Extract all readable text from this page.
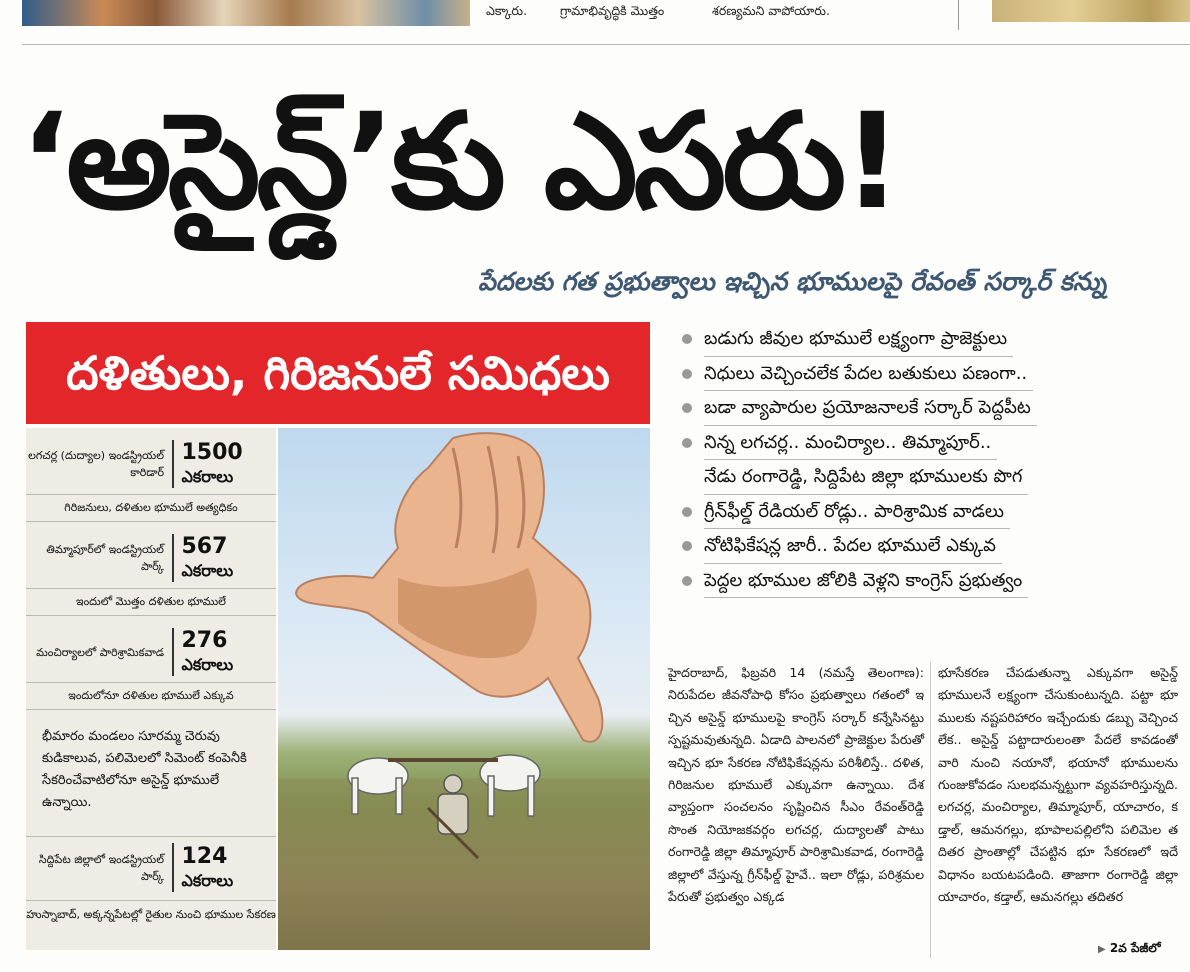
ఎక్కారు.	గ్రామాభివృద్ధికి మొత్తం	శరణ్యమని వాపోయారు.
‘అసైన్డ్’కు ఎసరు!
పేదలకు గత ప్రభుత్వాలు ఇచ్చిన భూములపై రేవంత్ సర్కార్ కన్ను
దళితులు, గిరిజనులే సమిధలు
లగచర్ల (దుద్యాల) ఇండస్ట్రియల్ కారిడార్
1500
ఎకరాలు
గిరిజనులు, దళితుల భూములే అత్యధికం
తిమ్మాపూర్‌లో ఇండస్ట్రియల్ పార్క్
567
ఎకరాలు
ఇందులో మొత్తం దళితుల భూములే
మంచిర్యాలలో పారిశ్రామికవాడ 276
ఎకరాలు
ఇందులోనూ దళితుల భూములే ఎక్కువ
భీమారం మండలం సూరమ్మ చెరువు కుడికాలువ, పలిమెలలో సిమెంట్ కంపెనీకి సేకరించేవాటిలోనూ అసైన్డ్ భూములే ఉన్నాయి.
సిద్దిపేట జిల్లాలో ఇండస్ట్రియల్ పార్క్
124
ఎకరాలు
హుస్నాబాద్, అక్కన్నపేటల్లో రైతుల నుంచి భూముల సేకరణ
బడుగు జీవుల భూములే లక్ష్యంగా ప్రాజెక్టులు
నిధులు వెచ్చించలేక పేదల బతుకులు పణంగా..
బడా వ్యాపారుల ప్రయోజనాలకే సర్కార్ పెద్దపీట
నిన్న లగచర్ల.. మంచిర్యాల.. తిమ్మాపూర్..
నేడు రంగారెడ్డి, సిద్దిపేట జిల్లా భూములకు పొగ
గ్రీన్‌ఫీల్డ్ రేడియల్ రోడ్లు.. పారిశ్రామిక వాడలు
నోటిఫికేషన్ల జారీ.. పేదల భూములే ఎక్కువ
పెద్దల భూముల జోలికి వెళ్లని కాంగ్రెస్ ప్రభుత్వం
హైదరాబాద్, ఫిబ్రవరి 14 (నమస్తే తెలంగాణ): నిరుపేదల జీవనోపాధి కోసం ప్రభుత్వాలు గతంలో ఇచ్చిన అసైన్డ్ భూములపై కాంగ్రెస్ సర్కార్ కన్నేసినట్టు స్పష్టమవుతున్నది. ఏడాది పాలనలో ప్రాజెక్టుల పేరుతో ఇచ్చిన భూ సేకరణ నోటిఫికేషన్లను పరిశీలిస్తే.. దళిత, గిరిజనుల భూములే ఎక్కువగా ఉన్నాయి. దేశవ్యాప్తంగా సంచలనం సృష్టించిన సీఎం రేవంత్‌రెడ్డి సొంత నియోజకవర్గం లగచర్ల, దుద్యాలతో పాటు రంగారెడ్డి జిల్లా తిమ్మాపూర్ పారిశ్రామికవాడ, రంగారెడ్డి జిల్లాలో వేస్తున్న గ్రీన్‌ఫీల్డ్ హైవే.. ఇలా రోడ్లు, పరిశ్రమల పేరుతో ప్రభుత్వం ఎక్కడ
భూసేకరణ చేపడుతున్నా ఎక్కువగా అసైన్డ్ భూములనే లక్ష్యంగా చేసుకుంటున్నది. పట్టా భూ ములకు నష్టపరిహారం ఇచ్చేందుకు డబ్బు వెచ్చించలేక.. అసైన్డ్ పట్టాదారులంతా పేదలే కావడంతో వారి నుంచి నయానో, భయానో భూములను గుంజుకోవడం సులభమన్నట్టుగా వ్యవహరిస్తున్నది. లగచర్ల, మంచిర్యాల, తిమ్మాపూర్, యాచారం, కడ్తాల్, ఆమనగల్లు, భూపాలపల్లిలోని పలిమెల తదితర ప్రాంతాల్లో చేపట్టిన భూ సేకరణలో ఇదే విధానం బయటపడింది. తాజాగా రంగారెడ్డి జిల్లా యాచారం, కడ్తాల్, ఆమనగల్లు తదితర
▶ 2వ పేజీలో
